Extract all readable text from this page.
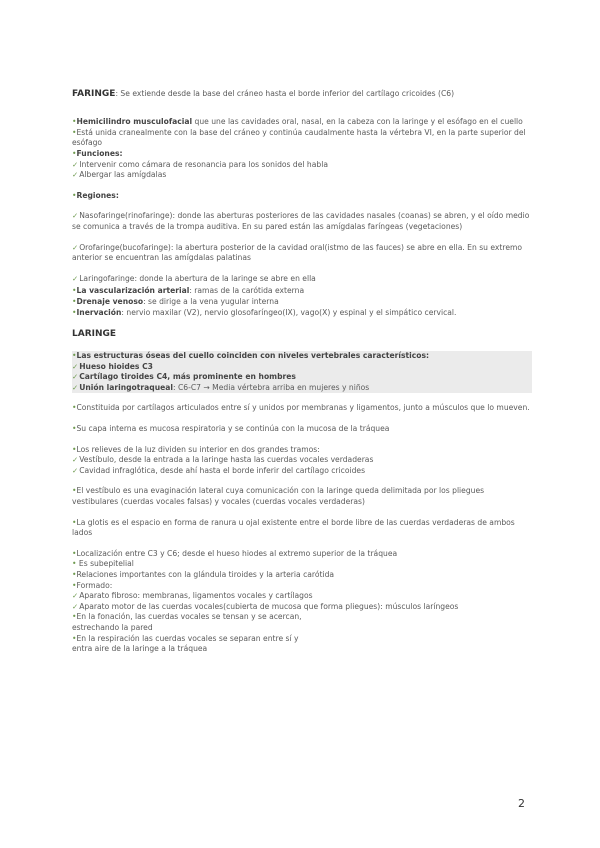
FARINGE: Se extiende desde la base del cráneo hasta el borde inferior del cartílago cricoides (C6)

•Hemicilindro musculofacial que une las cavidades oral, nasal, en la cabeza con la laringe y el esófago en el cuello

•Está unida cranealmente con la base del cráneo y continúa caudalmente hasta la vértebra VI, en la parte superior del esófago

•Funciones:

✓Intervenir como cámara de resonancia para los sonidos del habla

✓Albergar las amígdalas

•Regiones:

✓Nasofaringe(rinofaringe): donde las aberturas posteriores de las cavidades nasales (coanas) se abren, y el oído medio se comunica a través de la trompa auditiva. En su pared están las amígdalas faríngeas (vegetaciones)

✓Orofaringe(bucofaringe): la abertura posterior de la cavidad oral(istmo de las fauces) se abre en ella. En su extremo anterior se encuentran las amígdalas palatinas

✓Laringofaringe: donde la abertura de la laringe se abre en ella

•La vascularización arterial: ramas de la carótida externa

•Drenaje venoso: se dirige a la vena yugular interna

•Inervación: nervio maxilar (V2), nervio glosofaríngeo(IX), vago(X) y espinal y el simpático cervical.

LARINGE

•Las estructuras óseas del cuello coinciden con niveles vertebrales característicos:

✓Hueso hioides C3

✓Cartílago tiroides C4, más prominente en hombres

✓Unión laringotraqueal: C6-C7 → Media vértebra arriba en mujeres y niños

•Constituida por cartílagos articulados entre sí y unidos por membranas y ligamentos, junto a músculos que lo mueven.

•Su capa interna es mucosa respiratoria y se continúa con la mucosa de la tráquea

•Los relieves de la luz dividen su interior en dos grandes tramos:

✓Vestíbulo, desde la entrada a la laringe hasta las cuerdas vocales verdaderas

✓Cavidad infraglótica, desde ahí hasta el borde inferir del cartílago cricoides

•El vestíbulo es una evaginación lateral cuya comunicación con la laringe queda delimitada por los pliegues vestibulares (cuerdas vocales falsas) y vocales (cuerdas vocales verdaderas)

•La glotis es el espacio en forma de ranura u ojal existente entre el borde libre de las cuerdas verdaderas de ambos lados

•Localización entre C3 y C6; desde el hueso hiodes al extremo superior de la tráquea

• Es subepitelial

•Relaciones importantes con la glándula tiroides y la arteria carótida

•Formado:

✓Aparato fibroso: membranas, ligamentos vocales y cartílagos

✓Aparato motor de las cuerdas vocales(cubierta de mucosa que forma pliegues): músculos laríngeos

•En la fonación, las cuerdas vocales se tensan y se acercan,

estrechando la pared

•En la respiración las cuerdas vocales se separan entre sí y

entra aire de la laringe a la tráquea

2
